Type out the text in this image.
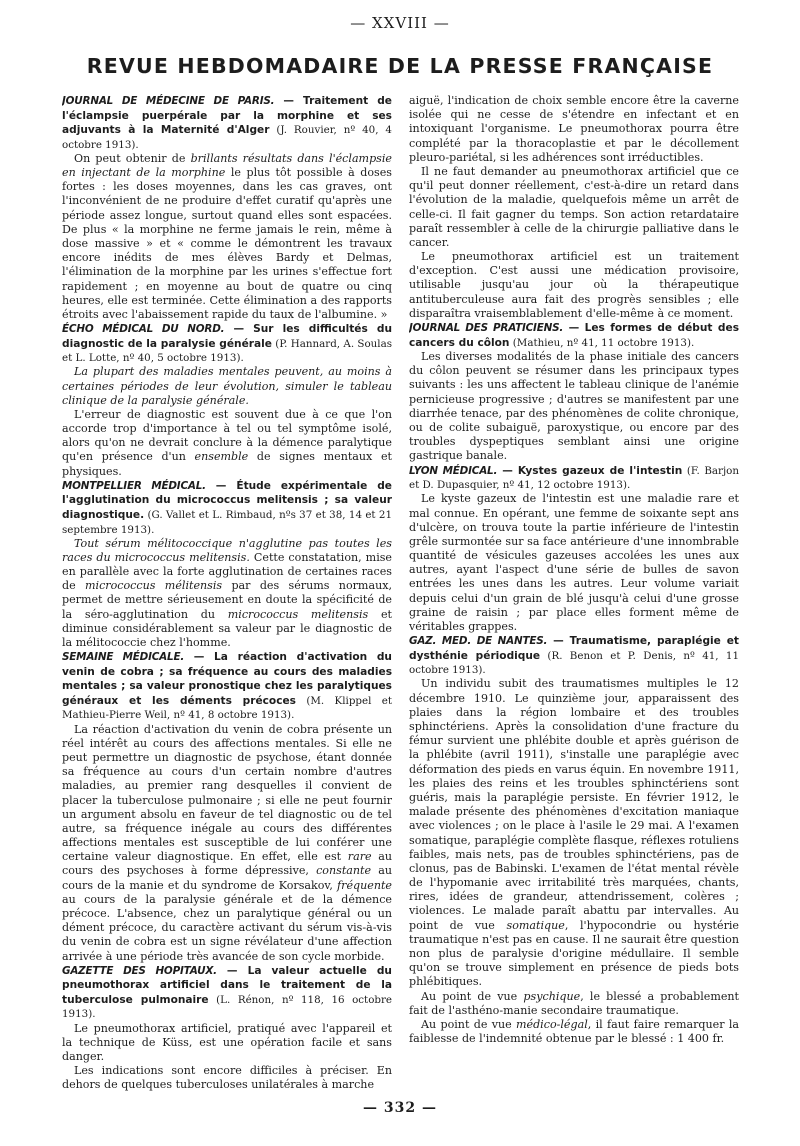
— XXVIII —
REVUE HEBDOMADAIRE DE LA PRESSE FRANÇAISE

JOURNAL DE MÉDECINE DE PARIS. — Traitement de l'éclampsie puerpérale par la morphine et ses adjuvants à la Maternité d'Alger (J. Rouvier, nº 40, 4 octobre 1913).

On peut obtenir de brillants résultats dans l'éclampsie en injectant de la morphine le plus tôt possible à doses fortes : les doses moyennes, dans les cas graves, ont l'inconvénient de ne produire d'effet curatif qu'après une période assez longue, surtout quand elles sont espacées. De plus « la morphine ne ferme jamais le rein, même à dose massive » et « comme le démontrent les travaux encore inédits de mes élèves Bardy et Delmas, l'élimination de la morphine par les urines s'effectue fort rapidement ; en moyenne au bout de quatre ou cinq heures, elle est terminée. Cette élimination a des rapports étroits avec l'abaissement rapide du taux de l'albumine. »

ÉCHO MÉDICAL DU NORD. — Sur les difficultés du diagnostic de la paralysie générale (P. Hannard, A. Soulas et L. Lotte, nº 40, 5 octobre 1913).

La plupart des maladies mentales peuvent, au moins à certaines périodes de leur évolution, simuler le tableau clinique de la paralysie générale.

L'erreur de diagnostic est souvent due à ce que l'on accorde trop d'importance à tel ou tel symptôme isolé, alors qu'on ne devrait conclure à la démence paralytique qu'en présence d'un ensemble de signes mentaux et physiques.

MONTPELLIER MÉDICAL. — Étude expérimentale de l'agglutination du micrococcus melitensis ; sa valeur diagnostique. (G. Vallet et L. Rimbaud, nºs 37 et 38, 14 et 21 septembre 1913).

Tout sérum mélitococcique n'agglutine pas toutes les races du micrococcus melitensis. Cette constatation, mise en parallèle avec la forte agglutination de certaines races de micrococcus mélitensis par des sérums normaux, permet de mettre sérieusement en doute la spécificité de la séro-agglutination du micrococcus melitensis et diminue considérablement sa valeur par le diagnostic de la mélitococcie chez l'homme.

SEMAINE MÉDICALE. — La réaction d'activation du venin de cobra ; sa fréquence au cours des maladies mentales ; sa valeur pronostique chez les paralytiques généraux et les déments précoces (M. Klippel et Mathieu-Pierre Weil, nº 41, 8 octobre 1913).

La réaction d'activation du venin de cobra présente un réel intérêt au cours des affections mentales. Si elle ne peut permettre un diagnostic de psychose, étant donnée sa fréquence au cours d'un certain nombre d'autres maladies, au premier rang desquelles il convient de placer la tuberculose pulmonaire ; si elle ne peut fournir un argument absolu en faveur de tel diagnostic ou de tel autre, sa fréquence inégale au cours des différentes affections mentales est susceptible de lui conférer une certaine valeur diagnostique. En effet, elle est rare au cours des psychoses à forme dépressive, constante au cours de la manie et du syndrome de Korsakov, fréquente au cours de la paralysie générale et de la démence précoce. L'absence, chez un paralytique général ou un dément précoce, du caractère activant du sérum vis-à-vis du venin de cobra est un signe révélateur d'une affection arrivée à une période très avancée de son cycle morbide.

GAZETTE DES HOPITAUX. — La valeur actuelle du pneumothorax artificiel dans le traitement de la tuberculose pulmonaire (L. Rénon, nº 118, 16 octobre 1913).

Le pneumothorax artificiel, pratiqué avec l'appareil et la technique de Küss, est une opération facile et sans danger.

Les indications sont encore difficiles à préciser. En dehors de quelques tuberculoses unilatérales à marche

aiguë, l'indication de choix semble encore être la caverne isolée qui ne cesse de s'étendre en infectant et en intoxiquant l'organisme. Le pneumothorax pourra être complété par la thoracoplastie et par le décollement pleuro-pariétal, si les adhérences sont irréductibles.

Il ne faut demander au pneumothorax artificiel que ce qu'il peut donner réellement, c'est-à-dire un retard dans l'évolution de la maladie, quelquefois même un arrêt de celle-ci. Il fait gagner du temps. Son action retardataire paraît ressembler à celle de la chirurgie palliative dans le cancer.

Le pneumothorax artificiel est un traitement d'exception. C'est aussi une médication provisoire, utilisable jusqu'au jour où la thérapeutique antituberculeuse aura fait des progrès sensibles ; elle disparaîtra vraisemblablement d'elle-même à ce moment.

JOURNAL DES PRATICIENS. — Les formes de début des cancers du côlon (Mathieu, nº 41, 11 octobre 1913).

Les diverses modalités de la phase initiale des cancers du côlon peuvent se résumer dans les principaux types suivants : les uns affectent le tableau clinique de l'anémie pernicieuse progressive ; d'autres se manifestent par une diarrhée tenace, par des phénomènes de colite chronique, ou de colite subaiguë, paroxystique, ou encore par des troubles dyspeptiques semblant ainsi une origine gastrique banale.

LYON MÉDICAL. — Kystes gazeux de l'intestin (F. Barjon et D. Dupasquier, nº 41, 12 octobre 1913).

Le kyste gazeux de l'intestin est une maladie rare et mal connue. En opérant, une femme de soixante sept ans d'ulcère, on trouva toute la partie inférieure de l'intestin grêle surmontée sur sa face antérieure d'une innombrable quantité de vésicules gazeuses accolées les unes aux autres, ayant l'aspect d'une série de bulles de savon entrées les unes dans les autres. Leur volume variait depuis celui d'un grain de blé jusqu'à celui d'une grosse graine de raisin ; par place elles forment même de véritables grappes.

GAZ. MED. DE NANTES. — Traumatisme, paraplégie et dysthénie périodique (R. Benon et P. Denis, nº 41, 11 octobre 1913).

Un individu subit des traumatismes multiples le 12 décembre 1910. Le quinzième jour, apparaissent des plaies dans la région lombaire et des troubles sphinctériens. Après la consolidation d'une fracture du fémur survient une phlébite double et après guérison de la phlébite (avril 1911), s'installe une paraplégie avec déformation des pieds en varus équin. En novembre 1911, les plaies des reins et les troubles sphinctériens sont guéris, mais la paraplégie persiste. En février 1912, le malade présente des phénomènes d'excitation maniaque avec violences ; on le place à l'asile le 29 mai. A l'examen somatique, paraplégie complète flasque, réflexes rotuliens faibles, mais nets, pas de troubles sphinctériens, pas de clonus, pas de Babinski. L'examen de l'état mental révèle de l'hypomanie avec irritabilité très marquées, chants, rires, idées de grandeur, attendrissement, colères ; violences. Le malade paraît abattu par intervalles. Au point de vue somatique, l'hypocondrie ou hystérie traumatique n'est pas en cause. Il ne saurait être question non plus de paralysie d'origine médullaire. Il semble qu'on se trouve simplement en présence de pieds bots phlébitiques.

Au point de vue psychique, le blessé a probablement fait de l'asthéno-manie secondaire traumatique.

Au point de vue médico-légal, il faut faire remarquer la faiblesse de l'indemnité obtenue par le blessé : 1 400 fr.

— 332 —
